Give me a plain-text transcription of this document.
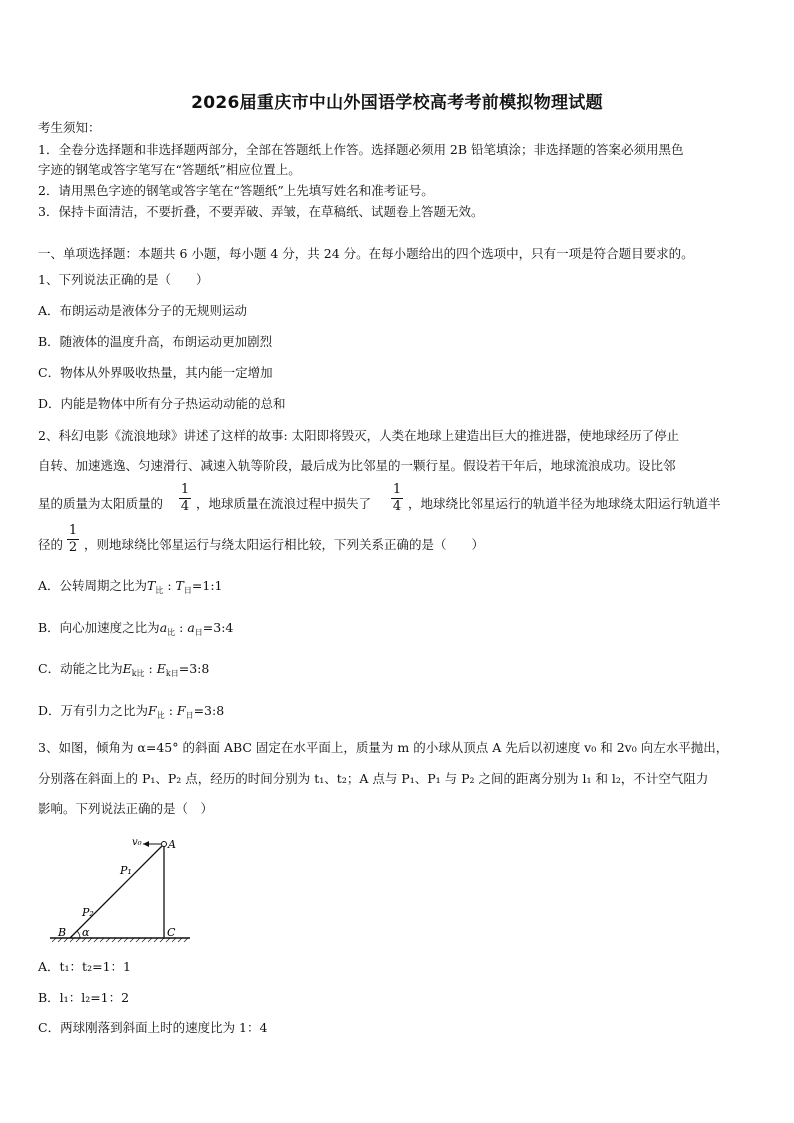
2026届重庆市中山外国语学校高考考前模拟物理试题
考生须知：
1．全卷分选择题和非选择题两部分，全部在答题纸上作答。选择题必须用 2B 铅笔填涂；非选择题的答案必须用黑色
字迹的钢笔或答字笔写在“答题纸”相应位置上。
2．请用黑色字迹的钢笔或答字笔在“答题纸”上先填写姓名和准考证号。
3．保持卡面清洁，不要折叠，不要弄破、弄皱，在草稿纸、试题卷上答题无效。
一、单项选择题：本题共 6 小题，每小题 4 分，共 24 分。在每小题给出的四个选项中，只有一项是符合题目要求的。
1、下列说法正确的是（　　）
A．布朗运动是液体分子的无规则运动
B．随液体的温度升高，布朗运动更加剧烈
C．物体从外界吸收热量，其内能一定增加
D．内能是物体中所有分子热运动动能的总和
2、科幻电影《流浪地球》讲述了这样的故事: 太阳即将毁灭，人类在地球上建造出巨大的推进器，使地球经历了停止
自转、加速逃逸、匀速滑行、减速入轨等阶段，最后成为比邻星的一颗行星。假设若干年后，地球流浪成功。设比邻
星的质量为太阳质量的
1
4 ，地球质量在流浪过程中损失了
1
4 ，地球绕比邻星运行的轨道半径为地球绕太阳运行轨道半
径的
1
2 ，则地球绕比邻星运行与绕太阳运行相比较，下列关系正确的是（　　）
A．公转周期之比为$T_比$ : $T_日=1:1$
B．向心加速度之比为$a_比$ : $a_日=3:4$
C．动能之比为$E_{k比}$ : $E_{k日}=3:8$
D．万有引力之比为$F_比$ : $F_日=3:8$
3、如图，倾角为 α=45° 的斜面 ABC 固定在水平面上，质量为 m 的小球从顶点 A 先后以初速度 v₀ 和 2v₀ 向左水平抛出，
分别落在斜面上的 P₁、P₂ 点，经历的时间分别为 t₁、t₂；A 点与 P₁、P₁ 与 P₂ 之间的距离分别为 l₁ 和 l₂，不计空气阻力
影响。下列说法正确的是（　）
v₀ A
P₁
P₂
B α	C
A．t₁：t₂=1：1
B．l₁：l₂=1：2
C．两球刚落到斜面上时的速度比为 1：4
